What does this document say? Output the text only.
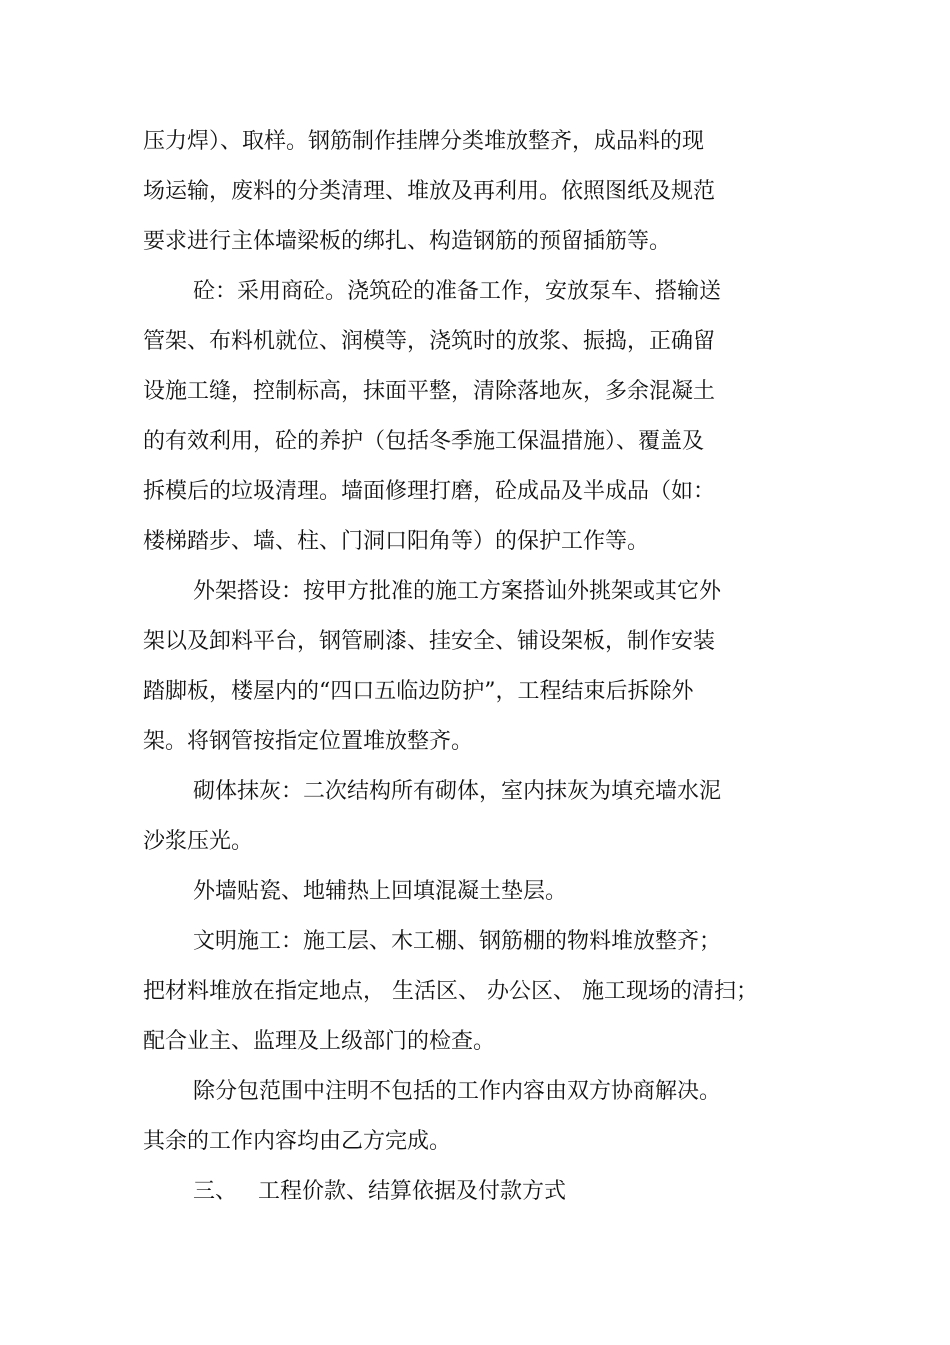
压力焊）、取样。钢筋制作挂牌分类堆放整齐，成品料的现
场运输，废料的分类清理、堆放及再利用。依照图纸及规范
要求进行主体墙梁板的绑扎、构造钢筋的预留插筋等。
砼：采用商砼。浇筑砼的准备工作，安放泵车、搭输送
管架、布料机就位、润模等，浇筑时的放浆、振捣，正确留
设施工缝，控制标高，抹面平整，清除落地灰，多余混凝土
的有效利用，砼的养护（包括冬季施工保温措施）、覆盖及
拆模后的垃圾清理。墙面修理打磨，砼成品及半成品（如：
楼梯踏步、墙、柱、门洞口阳角等）的保护工作等。
外架搭设：按甲方批准的施工方案搭讪外挑架或其它外
架以及卸料平台，钢管刷漆、挂安全、铺设架板，制作安装
踏脚板，楼屋内的“四口五临边防护”，工程结束后拆除外
架。将钢管按指定位置堆放整齐。
砌体抹灰：二次结构所有砌体，室内抹灰为填充墙水泥
沙浆压光。
外墙贴瓷、地辅热上回填混凝土垫层。
文明施工：施工层、木工棚、钢筋棚的物料堆放整齐；
把材料堆放在指定地点， 生活区、 办公区、 施工现场的清扫；
配合业主、监理及上级部门的检查。
除分包范围中注明不包括的工作内容由双方协商解决。
其余的工作内容均由乙方完成。
三、   工程价款、结算依据及付款方式
